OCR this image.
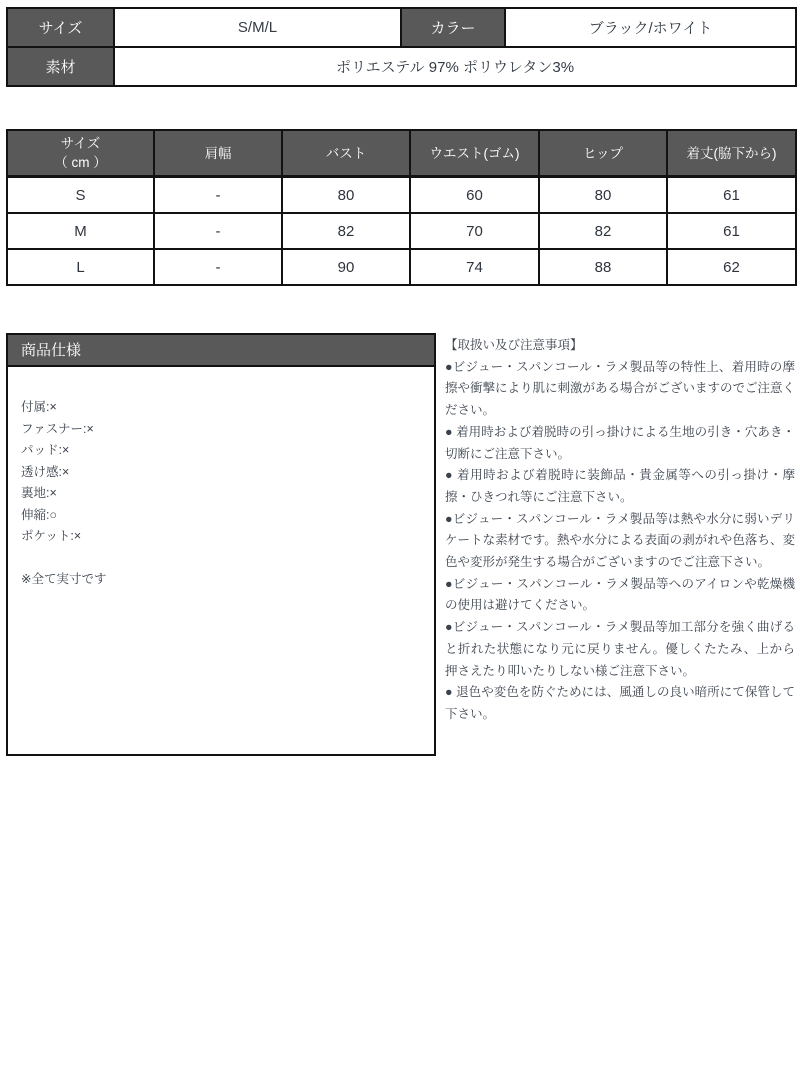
サイズ	S/M/L	カラー	ブラック/ホワイト
素材	ポリエステル 97% ポリウレタン3%		
サイズ
（ cm ）	肩幅	バスト	ウエスト(ゴム)	ヒップ	着丈(脇下から)
S	-	80	60	80	61
M	-	82	70	82	61
L	-	90	74	88	62
商品仕様
付属:×
ファスナー:×
パッド:×
透け感:×
裏地:×
伸縮:○
ポケット:×
※全て実寸です

【取扱い及び注意事項】

●ビジュー・スパンコール・ラメ製品等の特性上、着用時の摩擦や衝撃により肌に刺激がある場合がございますのでご注意ください。

● 着用時および着脱時の引っ掛けによる生地の引き・穴あき・切断にご注意下さい。

● 着用時および着脱時に装飾品・貴金属等への引っ掛け・摩擦・ひきつれ等にご注意下さい。

●ビジュー・スパンコール・ラメ製品等は熱や水分に弱いデリケートな素材です。熱や水分による表面の剥がれや色落ち、変色や変形が発生する場合がございますのでご注意下さい。

●ビジュー・スパンコール・ラメ製品等へのアイロンや乾燥機の使用は避けてください。

●ビジュー・スパンコール・ラメ製品等加工部分を強く曲げると折れた状態になり元に戻りません。優しくたたみ、上から押さえたり叩いたりしない様ご注意下さい。

● 退色や変色を防ぐためには、風通しの良い暗所にて保管して下さい。
